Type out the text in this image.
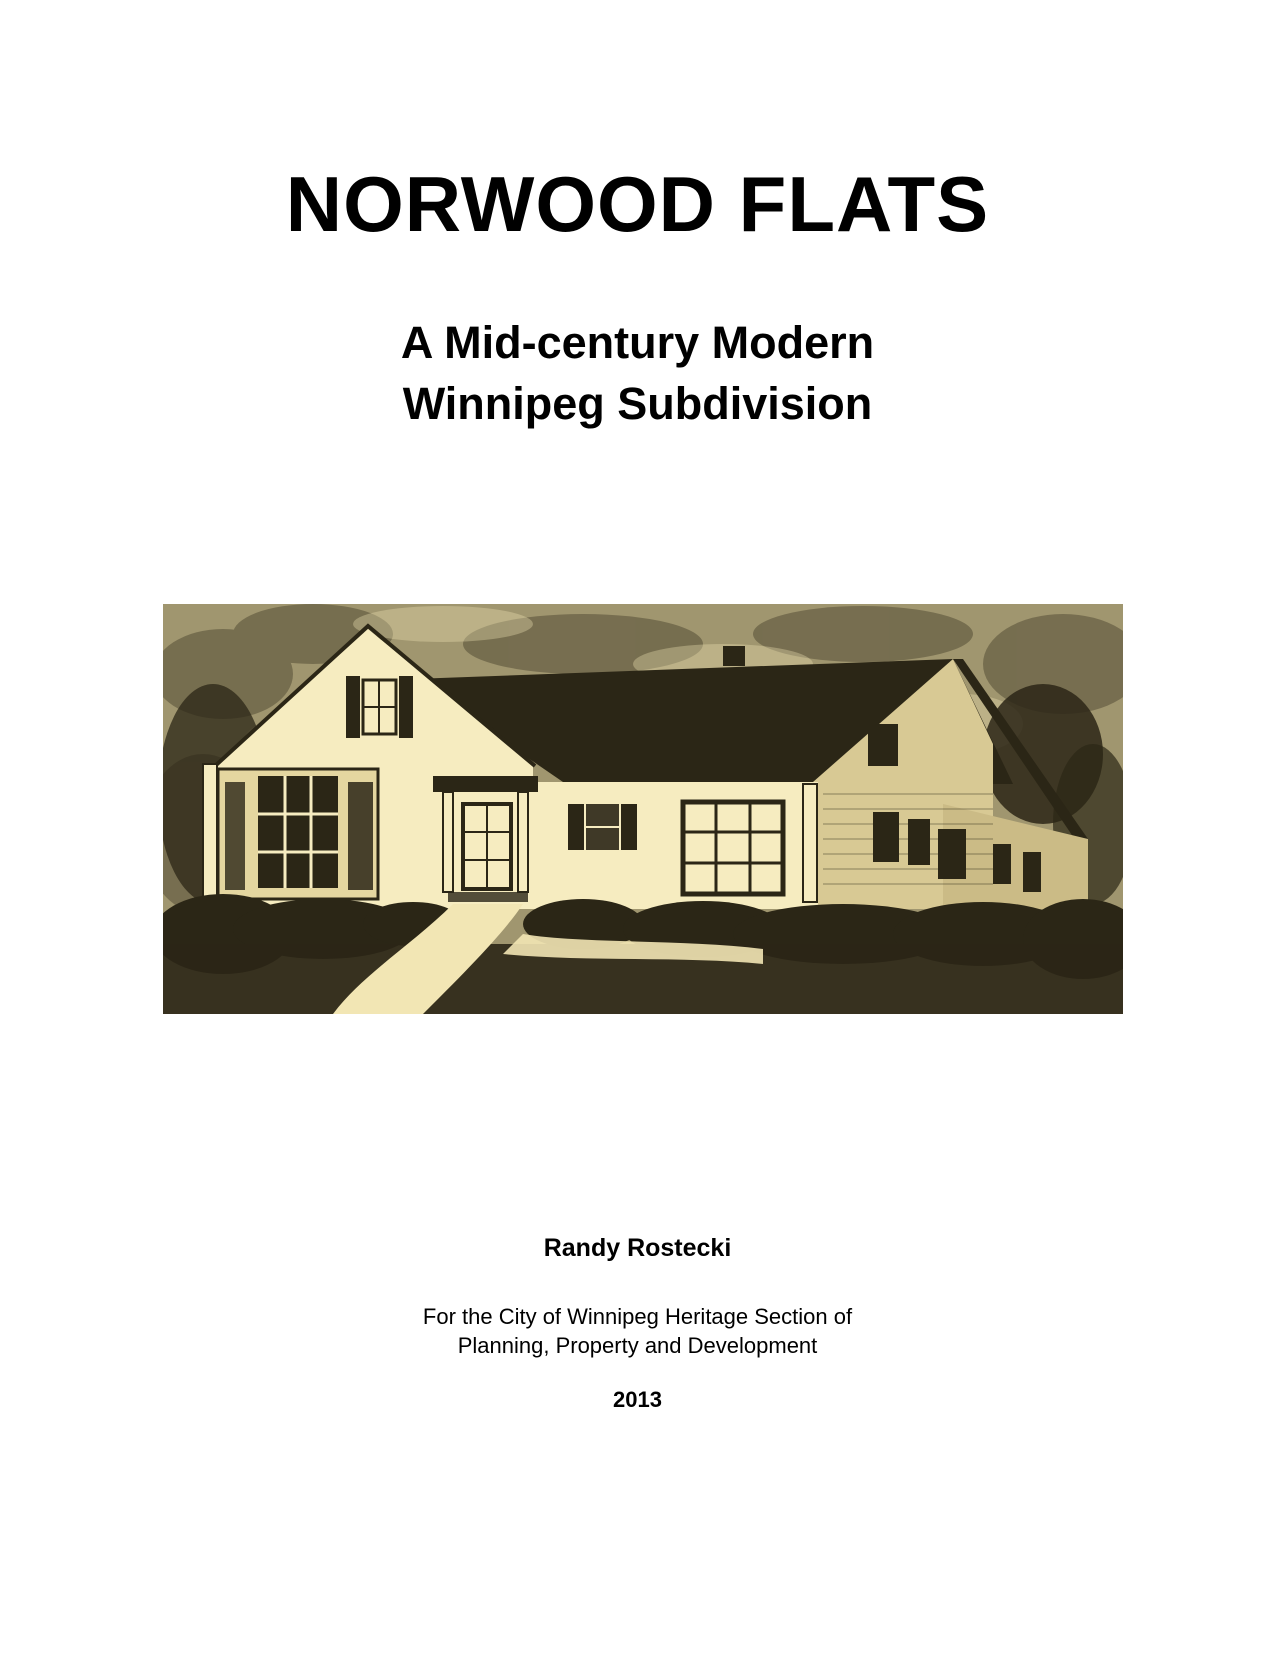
NORWOOD FLATS
A Mid-century Modern
Winnipeg Subdivision

Randy Rostecki

For the City of Winnipeg Heritage Section of
Planning, Property and Development

2013
